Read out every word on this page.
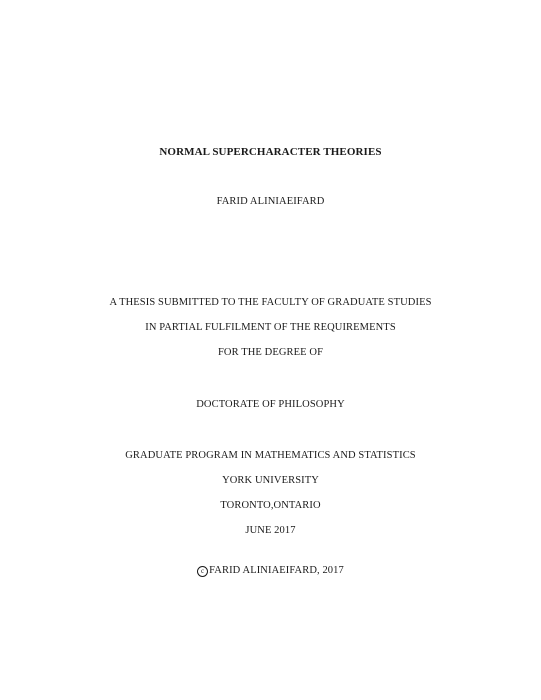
NORMAL SUPERCHARACTER THEORIES
FARID ALINIAEIFARD
A THESIS SUBMITTED TO THE FACULTY OF GRADUATE STUDIES
IN PARTIAL FULFILMENT OF THE REQUIREMENTS
FOR THE DEGREE OF
DOCTORATE OF PHILOSOPHY
GRADUATE PROGRAM IN MATHEMATICS AND STATISTICS
YORK UNIVERSITY
TORONTO,ONTARIO
JUNE 2017
c FARID ALINIAEIFARD, 2017
